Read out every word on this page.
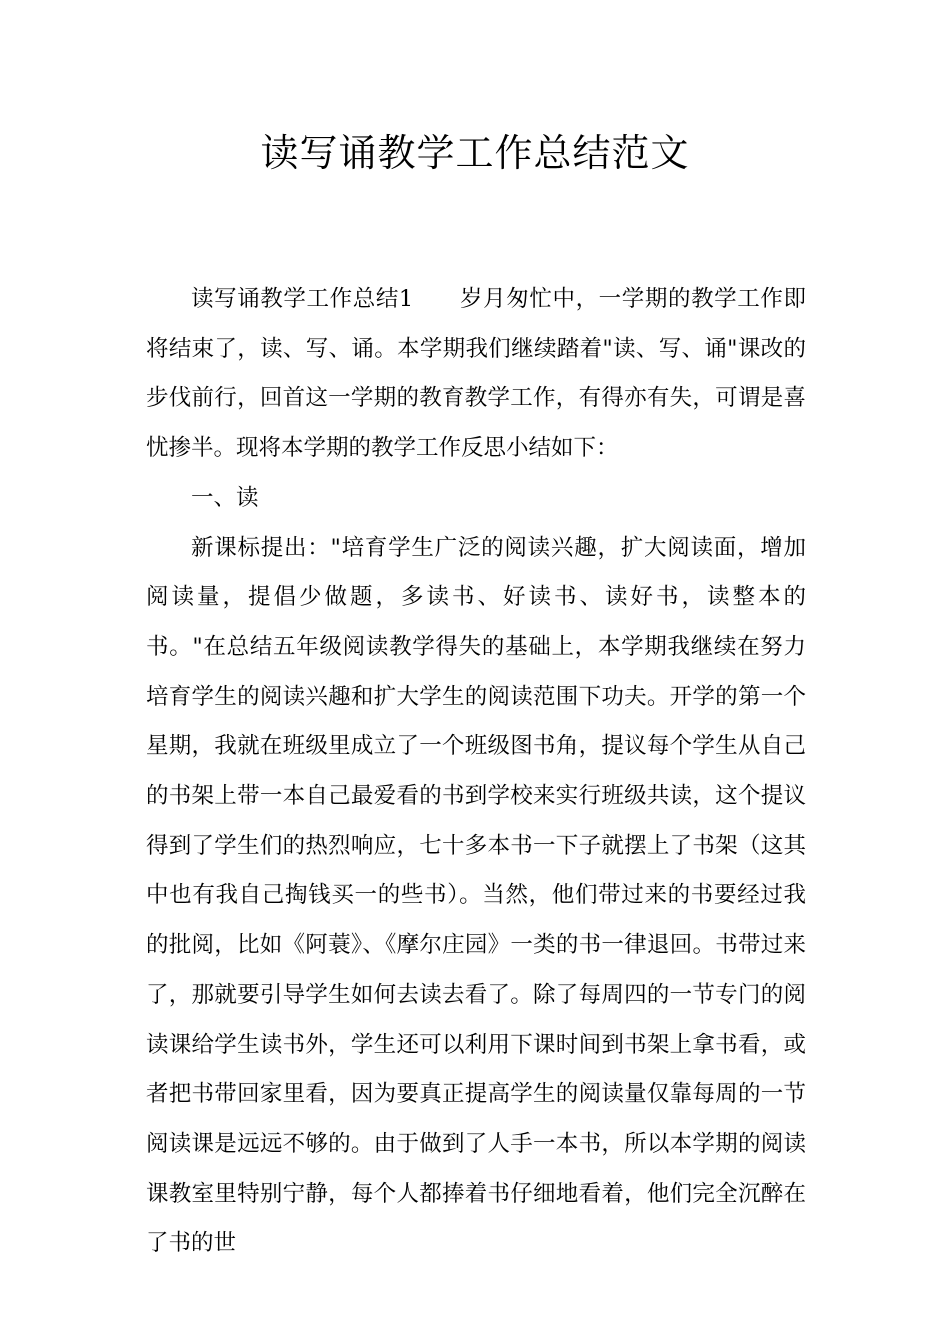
读写诵教学工作总结范文

读写诵教学工作总结1　　岁月匆忙中，一学期的教学工作即将结束了，读、写、诵。本学期我们继续踏着"读、写、诵"课改的步伐前行，回首这一学期的教育教学工作，有得亦有失，可谓是喜忧掺半。现将本学期的教学工作反思小结如下：

一、读

新课标提出："培育学生广泛的阅读兴趣，扩大阅读面，增加阅读量，提倡少做题，多读书、好读书、读好书，读整本的书。"在总结五年级阅读教学得失的基础上，本学期我继续在努力培育学生的阅读兴趣和扩大学生的阅读范围下功夫。开学的第一个星期，我就在班级里成立了一个班级图书角，提议每个学生从自己的书架上带一本自己最爱看的书到学校来实行班级共读，这个提议得到了学生们的热烈响应，七十多本书一下子就摆上了书架（这其中也有我自己掏钱买一的些书）。当然，他们带过来的书要经过我的批阅，比如《阿蓑》、《摩尔庄园》一类的书一律退回。书带过来了，那就要引导学生如何去读去看了。除了每周四的一节专门的阅读课给学生读书外，学生还可以利用下课时间到书架上拿书看，或者把书带回家里看，因为要真正提高学生的阅读量仅靠每周的一节阅读课是远远不够的。由于做到了人手一本书，所以本学期的阅读课教室里特别宁静，每个人都捧着书仔细地看着，他们完全沉醉在了书的世
